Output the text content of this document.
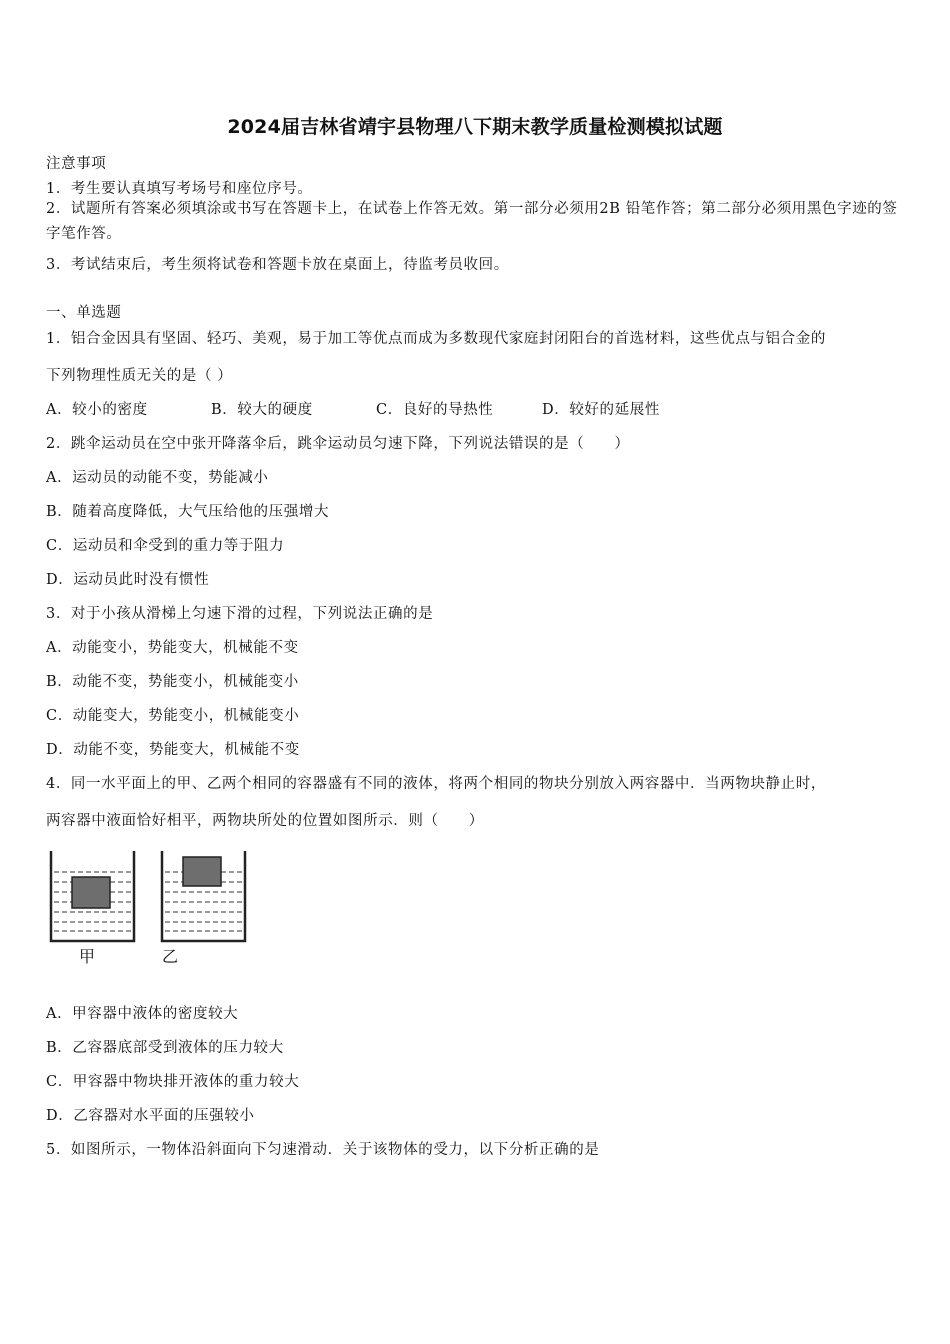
2024届吉林省靖宇县物理八下期末教学质量检测模拟试题
注意事项
1．考生要认真填写考场号和座位序号。
2．试题所有答案必须填涂或书写在答题卡上，在试卷上作答无效。第一部分必须用2B 铅笔作答；第二部分必须用黑色字迹的签字笔作答。
3．考试结束后，考生须将试卷和答题卡放在桌面上，待监考员收回。
一、单选题
1．铝合金因具有坚固、轻巧、美观，易于加工等优点而成为多数现代家庭封闭阳台的首选材料，这些优点与铝合金的
下列物理性质无关的是（ ）
A．较小的密度	B．较大的硬度	C．良好的导热性	D．较好的延展性
2．跳伞运动员在空中张开降落伞后，跳伞运动员匀速下降，下列说法错误的是（　　）
A．运动员的动能不变，势能减小
B．随着高度降低，大气压给他的压强增大
C．运动员和伞受到的重力等于阻力
D．运动员此时没有惯性
3．对于小孩从滑梯上匀速下滑的过程，下列说法正确的是
A．动能变小，势能变大，机械能不变
B．动能不变，势能变小，机械能变小
C．动能变大，势能变小，机械能变小
D．动能不变，势能变大，机械能不变
4．同一水平面上的甲、乙两个相同的容器盛有不同的液体，将两个相同的物块分别放入两容器中．当两物块静止时，
两容器中液面恰好相平，两物块所处的位置如图所示．则（　　）
甲	乙
A．甲容器中液体的密度较大
B．乙容器底部受到液体的压力较大
C．甲容器中物块排开液体的重力较大
D．乙容器对水平面的压强较小
5．如图所示，一物体沿斜面向下匀速滑动．关于该物体的受力，以下分析正确的是
